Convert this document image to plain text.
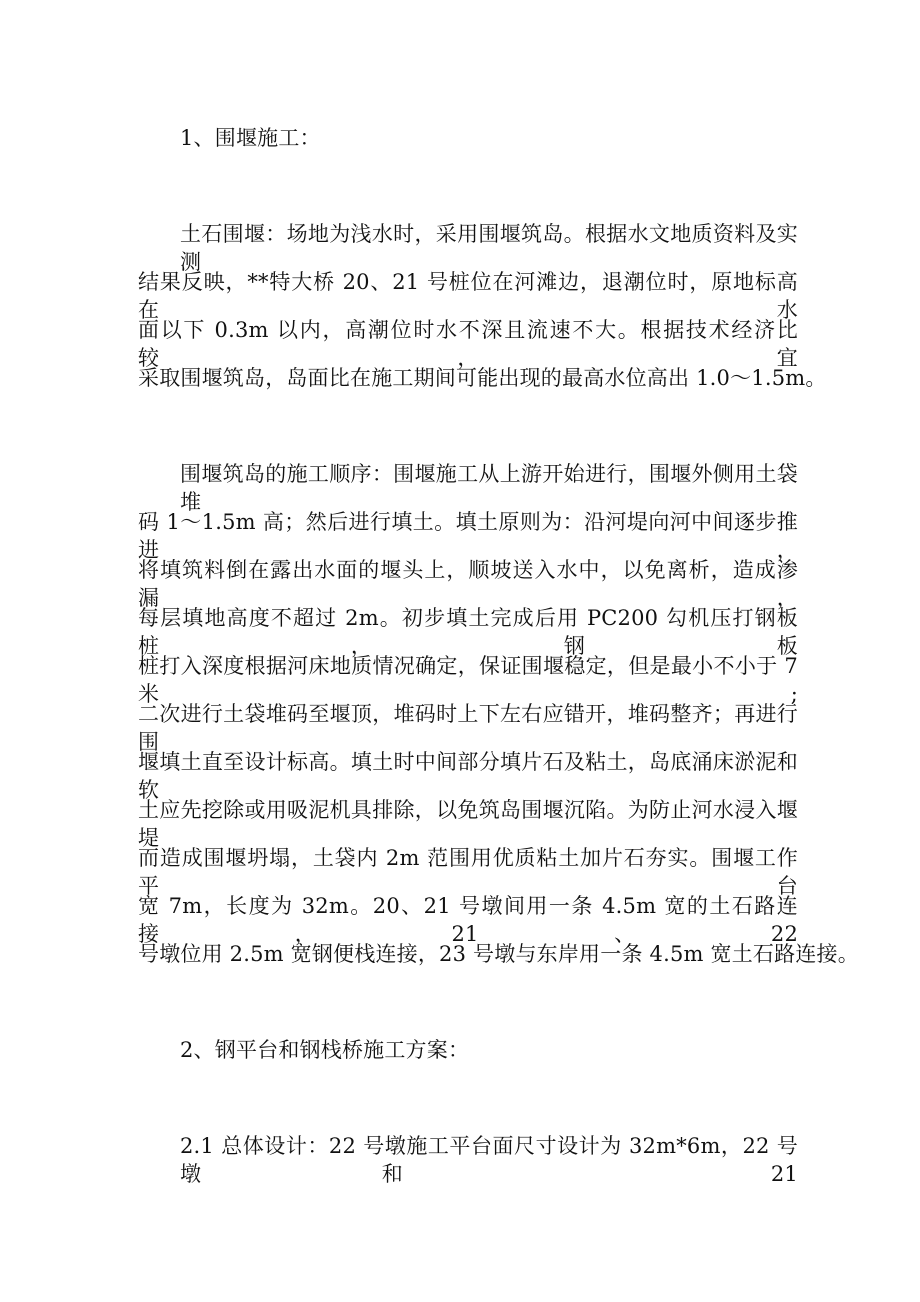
1、围堰施工：
土石围堰：场地为浅水时，采用围堰筑岛。根据水文地质资料及实测
结果反映，**特大桥 20、21 号桩位在河滩边，退潮位时，原地标高在水
面以下 0.3m 以内，高潮位时水不深且流速不大。根据技术经济比较，宜
采取围堰筑岛，岛面比在施工期间可能出现的最高水位高出 1.0～1.5m。
围堰筑岛的施工顺序：围堰施工从上游开始进行，围堰外侧用土袋堆
码 1～1.5m 高；然后进行填土。填土原则为：沿河堤向河中间逐步推进，
将填筑料倒在露出水面的堰头上，顺坡送入水中，以免离析，造成渗漏，
每层填地高度不超过 2m。初步填土完成后用 PC200 勾机压打钢板桩，钢板
桩打入深度根据河床地质情况确定，保证围堰稳定，但是最小不小于 7 米;
二次进行土袋堆码至堰顶，堆码时上下左右应错开，堆码整齐；再进行围
堰填土直至设计标高。填土时中间部分填片石及粘土，岛底涌床淤泥和软
土应先挖除或用吸泥机具排除，以免筑岛围堰沉陷。为防止河水浸入堰堤
而造成围堰坍塌，土袋内 2m 范围用优质粘土加片石夯实。围堰工作平台
宽 7m，长度为 32m。20、21 号墩间用一条 4.5m 宽的土石路连接，21、22
号墩位用 2.5m 宽钢便栈连接，23 号墩与东岸用一条 4.5m 宽土石路连接。
2、钢平台和钢栈桥施工方案：
2.1 总体设计：22 号墩施工平台面尺寸设计为 32m*6m，22 号墩和 21
